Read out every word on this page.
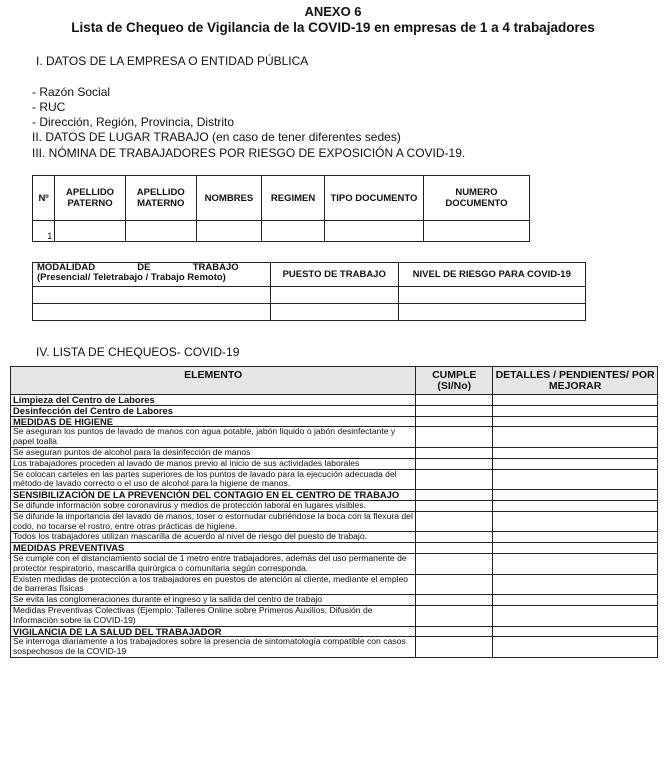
ANEXO 6
Lista de Chequeo de Vigilancia de la COVID-19 en empresas de 1 a 4 trabajadores
I. DATOS DE LA EMPRESA O ENTIDAD PÚBLICA
- Razón Social
- RUC
- Dirección, Región, Provincia, Distrito
II. DATOS DE LUGAR TRABAJO (en caso de tener diferentes sedes)
III. NÓMINA DE TRABAJADORES POR RIESGO DE EXPOSICIÓN A COVID-19.
Nº	APELLIDO PATERNO	APELLIDO MATERNO	NOMBRES	REGIMEN	TIPO DOCUMENTO	NUMERO DOCUMENTO
1						
MODALIDAD                DE                TRABAJO
(Presencial/ Teletrabajo / Trabajo Remoto)	PUESTO DE TRABAJO	NIVEL DE RIESGO PARA COVID-19

IV. LISTA DE CHEQUEOS- COVID-19
ELEMENTO	CUMPLE (SI/No)	DETALLES / PENDIENTES/ POR MEJORAR
Limpieza del Centro de Labores		
Desinfección del Centro de Labores		
MEDIDAS DE HIGIENE		
Se aseguran los puntos de lavado de manos con agua potable, jabón liquido o jabón desinfectante y papel toalla		
Se aseguran puntos de alcohol para la desinfección de manos		
Los trabajadores proceden al lavado de manos previo al inicio de sus actividades laborales		
Se colocan carteles en las partes superiores de los puntos de lavado para la ejecución adecuada del método de lavado correcto o el uso de alcohol para la higiene de manos.		
SENSIBILIZACIÓN DE LA PREVENCIÓN DEL CONTAGIO EN EL CENTRO DE TRABAJO		
Se difunde información sobre coronavirus y medios de protección laboral en lugares visibles.		
Se difunde la importancia del lavado de manos, toser o estornudar cubriéndose la boca con la flexura del codo, no tocarse el rostro, entre otras prácticas de higiene.		
Todos los trabajadores utilizan mascarilla de acuerdo al nivel de riesgo del puesto de trabajo.		
MEDIDAS PREVENTIVAS		
Se cumple con el distanciamiento social de 1 metro entre trabajadores, además del uso permanente de protector respiratorio, mascarilla quirúrgica o comunitaria según corresponda.		
Existen medidas de protección a los trabajadores en puestos de atención al cliente, mediante el empleo de barreras físicas		
Se evita las conglomeraciones durante el ingreso y la salida del centro de trabajo		
Medidas Preventivas Colectivas (Ejemplo: Talleres Online sobre Primeros Auxilios, Difusión de Información sobre la COVID-19)		
VIGILANCIA DE LA SALUD DEL TRABAJADOR		
Se interroga diariamente a los trabajadores sobre la presencia de sintomatología compatible con casos sospechosos de la COVID-19		
